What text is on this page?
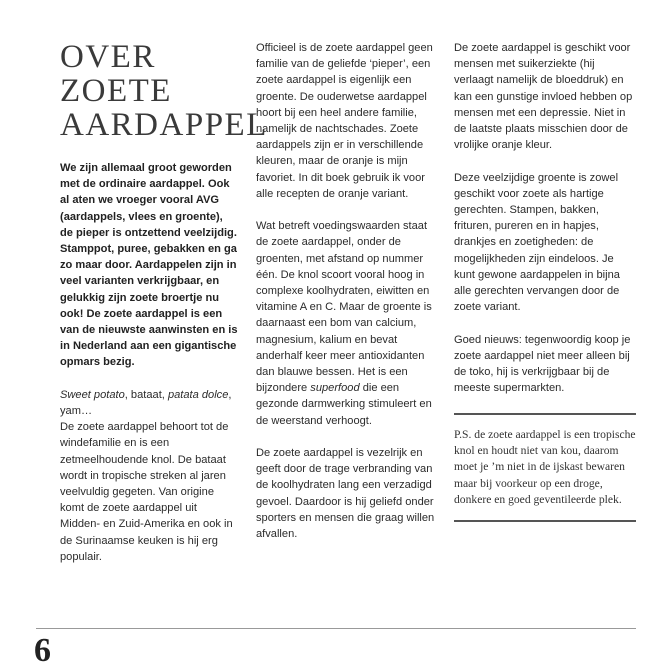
OVER ZOETE
AARDAPPEL

We zijn allemaal groot geworden met de ordinaire aardappel. Ook al aten we vroeger vooral AVG (aardappels, vlees en groente), de pieper is ontzettend veelzijdig. Stamppot, puree, gebakken en ga zo maar door. Aardappelen zijn in veel varianten verkrijgbaar, en gelukkig zijn zoete broertje nu ook! De zoete aardappel is een van de nieuwste aanwinsten en is in Nederland aan een gigantische opmars bezig.

Sweet potato, bataat, patata dolce, yam…

De zoete aardappel behoort tot de windefamilie en is een zetmeelhoudende knol. De bataat wordt in tropische streken al jaren veelvuldig gegeten. Van origine komt de zoete aardappel uit Midden- en Zuid-Amerika en ook in de Surinaamse keuken is hij erg populair.

Officieel is de zoete aardappel geen familie van de geliefde ‘pieper’, een zoete aardappel is eigenlijk een groente. De ouderwetse aardappel hoort bij een heel andere familie, namelijk de nachtschades. Zoete aardappels zijn er in verschillende kleuren, maar de oranje is mijn favoriet. In dit boek gebruik ik voor alle recepten de oranje variant.

Wat betreft voedingswaarden staat de zoete aardappel, onder de groenten, met afstand op nummer één. De knol scoort vooral hoog in complexe koolhydraten, eiwitten en vitamine A en C. Maar de groente is daarnaast een bom van calcium, magnesium, kalium en bevat anderhalf keer meer antioxidanten dan blauwe bessen. Het is een bijzondere superfood die een gezonde darmwerking stimuleert en de weerstand verhoogt.

De zoete aardappel is vezelrijk en geeft door de trage verbranding van de koolhydraten lang een verzadigd gevoel. Daardoor is hij geliefd onder sporters en mensen die graag willen afvallen.

De zoete aardappel is geschikt voor mensen met suikerziekte (hij verlaagt namelijk de bloeddruk) en kan een gunstige invloed hebben op mensen met een depressie. Niet in de laatste plaats misschien door de vrolijke oranje kleur.

Deze veelzijdige groente is zowel geschikt voor zoete als hartige gerechten. Stampen, bakken, frituren, pureren en in hapjes, drankjes en zoetigheden: de mogelijkheden zijn eindeloos. Je kunt gewone aardappelen in bijna alle gerechten vervangen door de zoete variant.

Goed nieuws: tegenwoordig koop je zoete aardappel niet meer alleen bij de toko, hij is verkrijgbaar bij de meeste supermarkten.

P.S. de zoete aardappel is een tropische knol en houdt niet van kou, daarom moet je ’m niet in de ijskast bewaren maar bij voorkeur op een droge, donkere en goed geventileerde plek.
6
